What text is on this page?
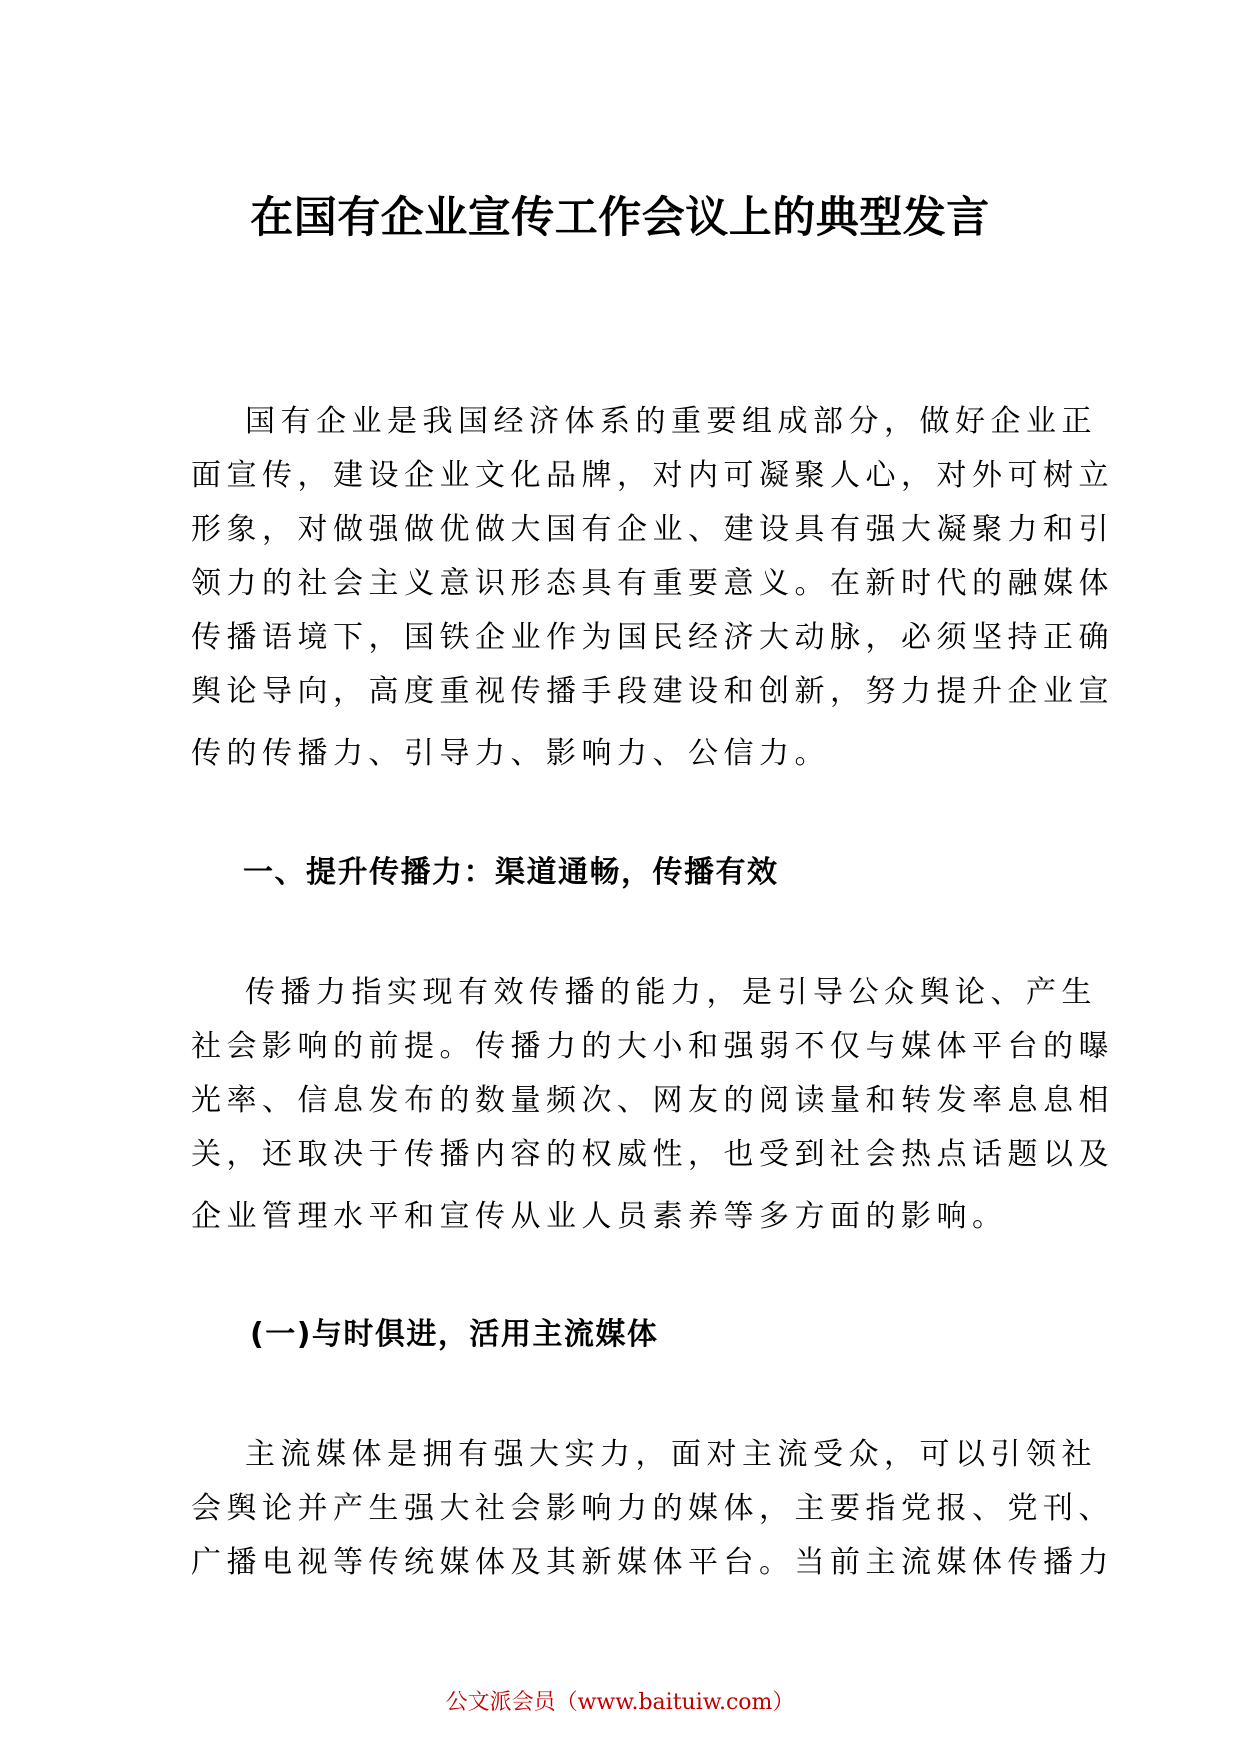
在国有企业宣传工作会议上的典型发言
国有企业是我国经济体系的重要组成部分，做好企业正
面宣传，建设企业文化品牌，对内可凝聚人心，对外可树立
形象，对做强做优做大国有企业、建设具有强大凝聚力和引
领力的社会主义意识形态具有重要意义。在新时代的融媒体
传播语境下，国铁企业作为国民经济大动脉，必须坚持正确
舆论导向，高度重视传播手段建设和创新，努力提升企业宣
传的传播力、引导力、影响力、公信力。
一、提升传播力：渠道通畅，传播有效
传播力指实现有效传播的能力，是引导公众舆论、产生
社会影响的前提。传播力的大小和强弱不仅与媒体平台的曝
光率、信息发布的数量频次、网友的阅读量和转发率息息相
关，还取决于传播内容的权威性，也受到社会热点话题以及
企业管理水平和宣传从业人员素养等多方面的影响。
(一)与时俱进，活用主流媒体
主流媒体是拥有强大实力，面对主流受众，可以引领社
会舆论并产生强大社会影响力的媒体，主要指党报、党刊、
广播电视等传统媒体及其新媒体平台。当前主流媒体传播力
公文派会员（www.baituiw.com）
